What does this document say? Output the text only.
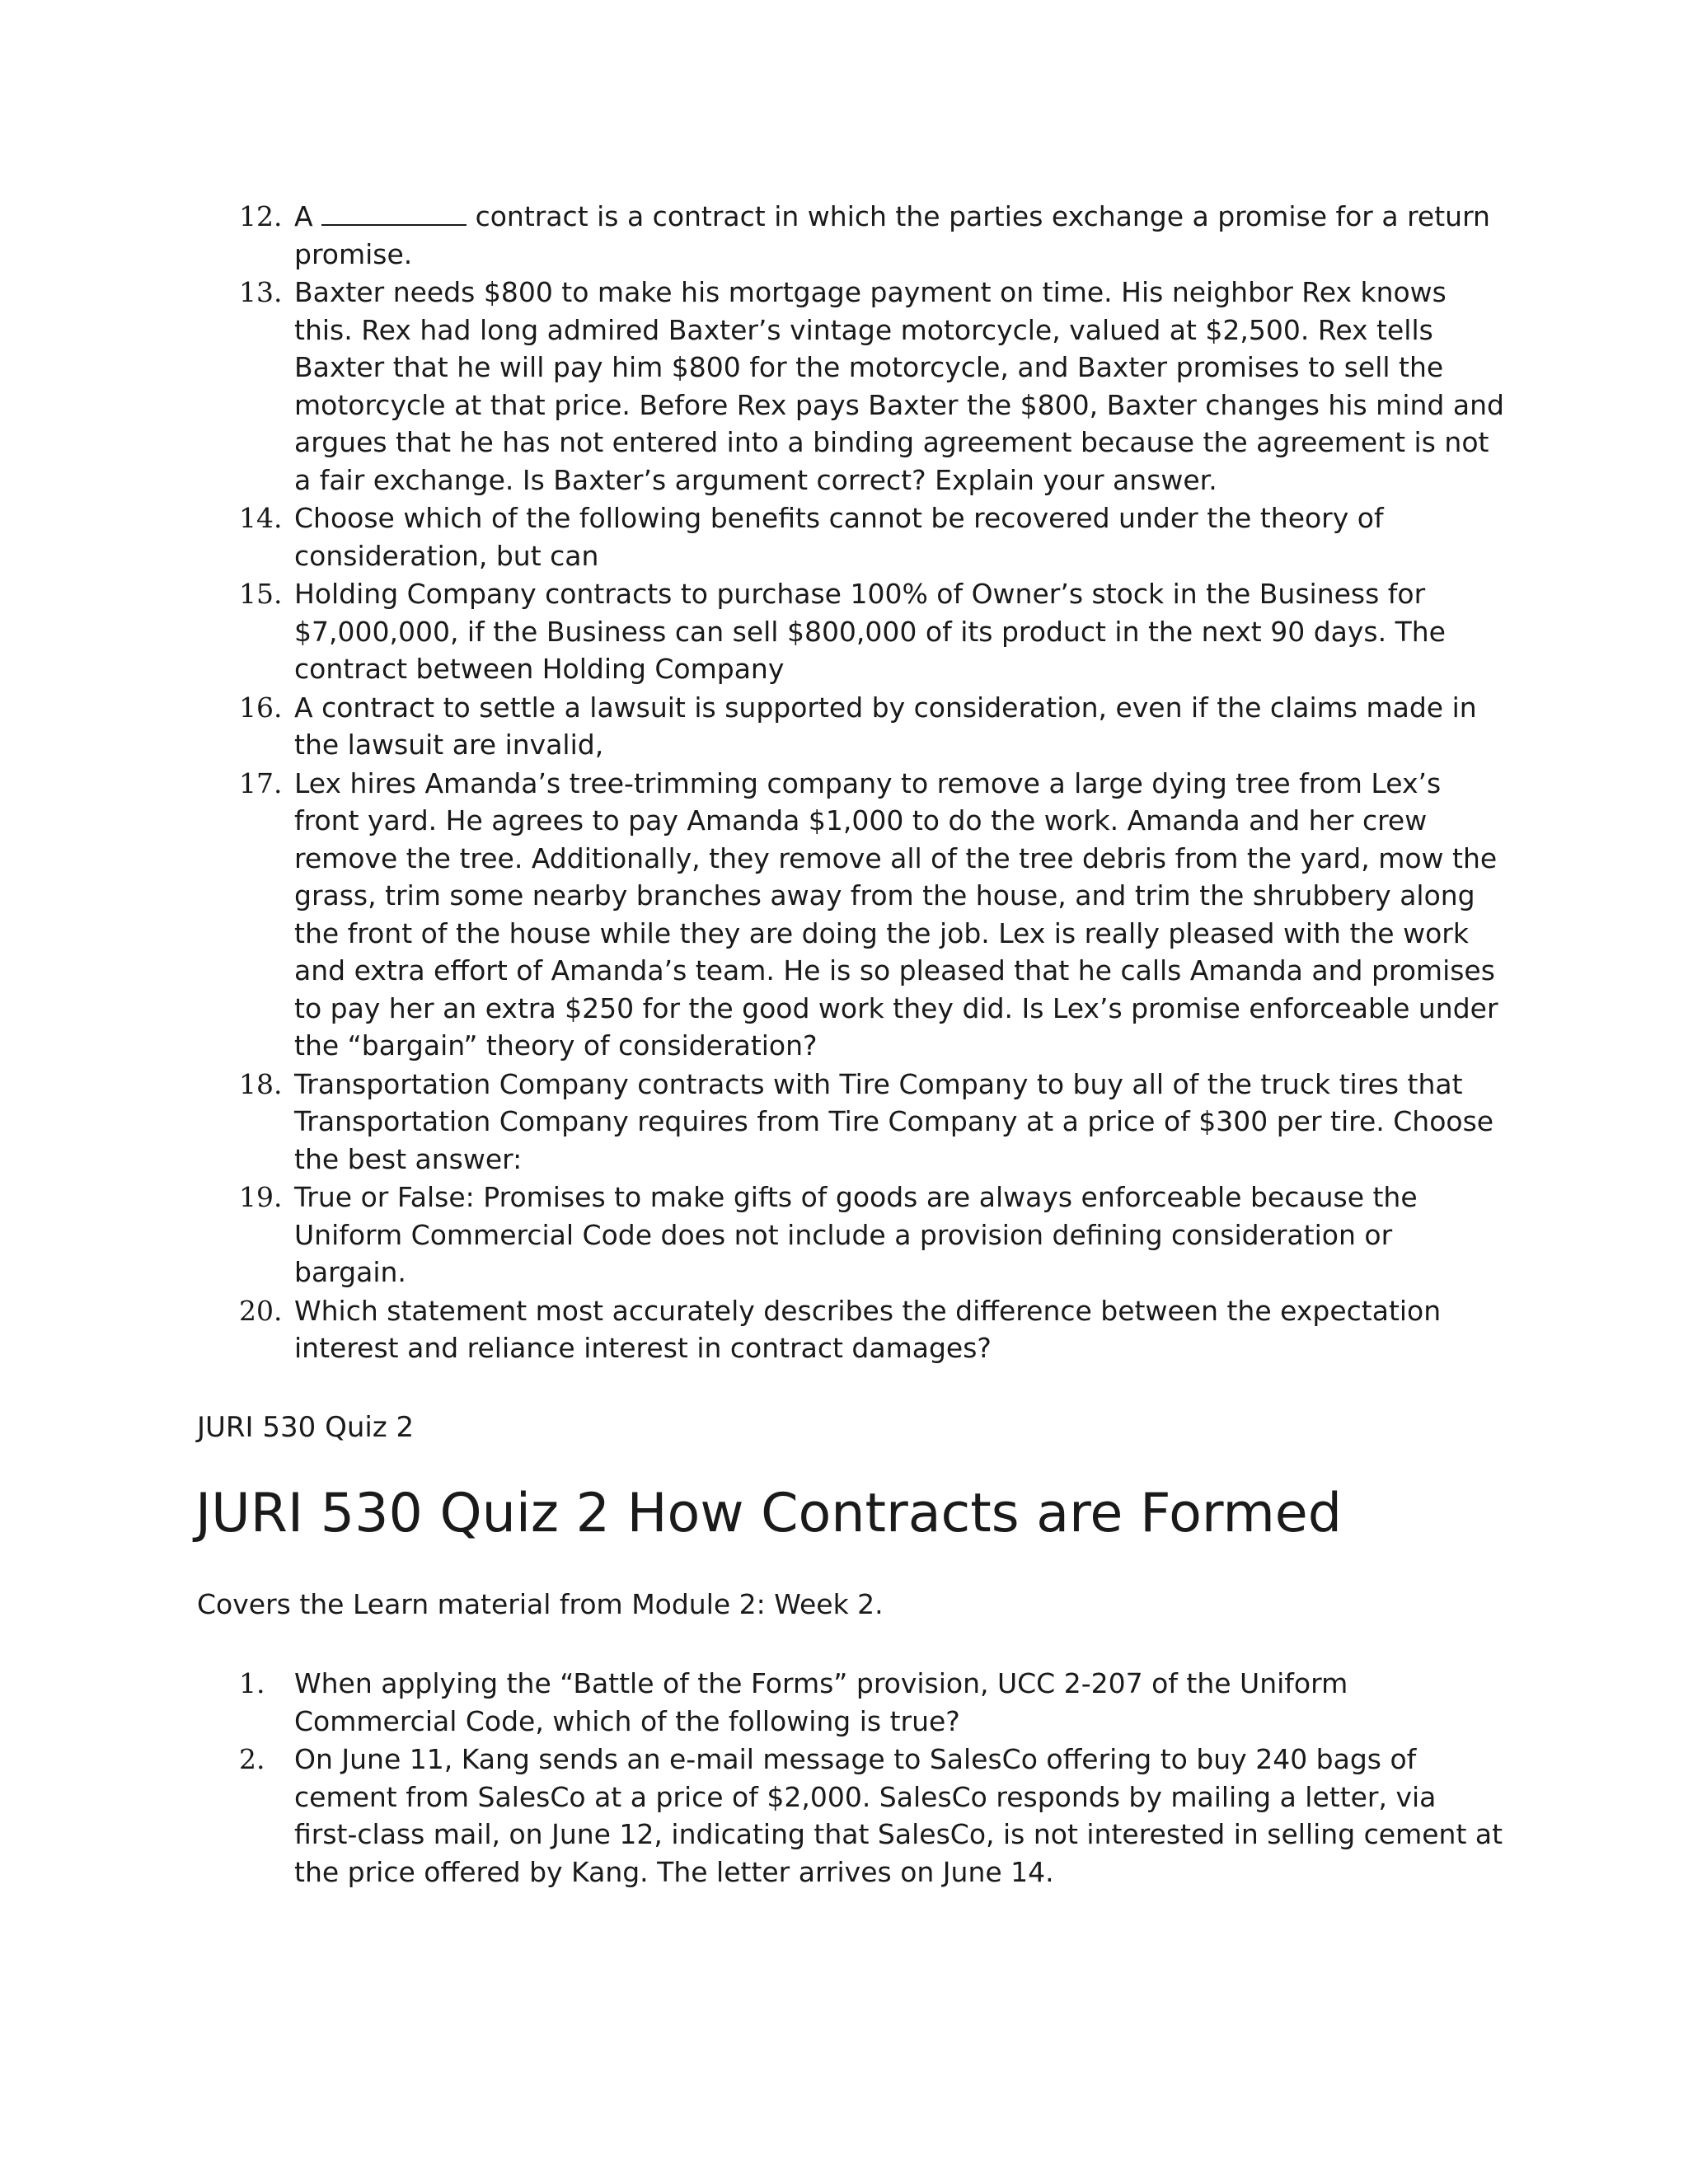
12. A	contract is a contract in which the parties exchange a promise for a return promise.
13. Baxter needs $800 to make his mortgage payment on time. His neighbor Rex knows this. Rex had long admired Baxter’s vintage motorcycle, valued at $2,500. Rex tells Baxter that he will pay him $800 for the motorcycle, and Baxter promises to sell the motorcycle at that price. Before Rex pays Baxter the $800, Baxter changes his mind and argues that he has not entered into a binding agreement because the agreement is not a fair exchange. Is Baxter’s argument correct? Explain your answer.
14. Choose which of the following benefits cannot be recovered under the theory of consideration, but can
15. Holding Company contracts to purchase 100% of Owner’s stock in the Business for $7,000,000, if the Business can sell $800,000 of its product in the next 90 days. The contract between Holding Company
16. A contract to settle a lawsuit is supported by consideration, even if the claims made in the lawsuit are invalid,
17. Lex hires Amanda’s tree-trimming company to remove a large dying tree from Lex’s front yard. He agrees to pay Amanda $1,000 to do the work. Amanda and her crew remove the tree. Additionally, they remove all of the tree debris from the yard, mow the grass, trim some nearby branches away from the house, and trim the shrubbery along the front of the house while they are doing the job. Lex is really pleased with the work and extra effort of Amanda’s team. He is so pleased that he calls Amanda and promises to pay her an extra $250 for the good work they did. Is Lex’s promise enforceable under the “bargain” theory of consideration?
18. Transportation Company contracts with Tire Company to buy all of the truck tires that Transportation Company requires from Tire Company at a price of $300 per tire. Choose the best answer:
19. True or False: Promises to make gifts of goods are always enforceable because the Uniform Commercial Code does not include a provision defining consideration or bargain.
20. Which statement most accurately describes the difference between the expectation interest and reliance interest in contract damages?
JURI 530 Quiz 2
JURI 530 Quiz 2 How Contracts are Formed
Covers the Learn material from Module 2: Week 2.
1. When applying the “Battle of the Forms” provision, UCC 2-207 of the Uniform Commercial Code, which of the following is true?
2. On June 11, Kang sends an e-mail message to SalesCo offering to buy 240 bags of cement from SalesCo at a price of $2,000. SalesCo responds by mailing a letter, via first-class mail, on June 12, indicating that SalesCo, is not interested in selling cement at the price offered by Kang. The letter arrives on June 14.
